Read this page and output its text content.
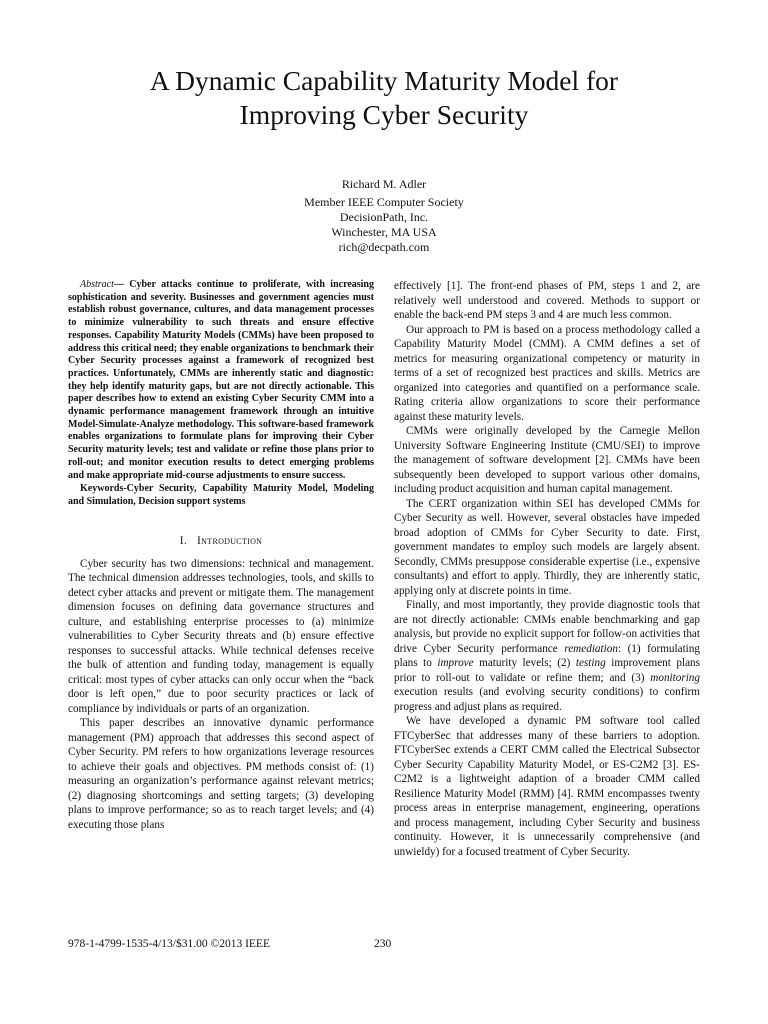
A Dynamic Capability Maturity Model for
Improving Cyber Security
Richard M. Adler
Member IEEE Computer Society
DecisionPath, Inc.
Winchester, MA USA
rich@decpath.com

Abstract— Cyber attacks continue to proliferate, with increasing sophistication and severity. Businesses and government agencies must establish robust governance, cultures, and data management processes to minimize vulnerability to such threats and ensure effective responses. Capability Maturity Models (CMMs) have been proposed to address this critical need; they enable organizations to benchmark their Cyber Security processes against a framework of recognized best practices. Unfortunately, CMMs are inherently static and diagnostic: they help identify maturity gaps, but are not directly actionable. This paper describes how to extend an existing Cyber Security CMM into a dynamic performance management framework through an intuitive Model-Simulate-Analyze methodology. This software-based framework enables organizations to formulate plans for improving their Cyber Security maturity levels; test and validate or refine those plans prior to roll-out; and monitor execution results to detect emerging problems and make appropriate mid-course adjustments to ensure success.

Keywords-Cyber Security, Capability Maturity Model, Modeling and Simulation, Decision support systems

I. Introduction

Cyber security has two dimensions: technical and management. The technical dimension addresses technologies, tools, and skills to detect cyber attacks and prevent or mitigate them. The management dimension focuses on defining data governance structures and culture, and establishing enterprise processes to (a) minimize vulnerabilities to Cyber Security threats and (b) ensure effective responses to successful attacks. While technical defenses receive the bulk of attention and funding today, management is equally critical: most types of cyber attacks can only occur when the “back door is left open,” due to poor security practices or lack of compliance by individuals or parts of an organization.

This paper describes an innovative dynamic performance management (PM) approach that addresses this second aspect of Cyber Security. PM refers to how organizations leverage resources to achieve their goals and objectives. PM methods consist of: (1) measuring an organization’s performance against relevant metrics; (2) diagnosing shortcomings and setting targets; (3) developing plans to improve performance; so as to reach target levels; and (4) executing those plans

effectively [1]. The front-end phases of PM, steps 1 and 2, are relatively well understood and covered. Methods to support or enable the back-end PM steps 3 and 4 are much less common.

Our approach to PM is based on a process methodology called a Capability Maturity Model (CMM). A CMM defines a set of metrics for measuring organizational competency or maturity in terms of a set of recognized best practices and skills. Metrics are organized into categories and quantified on a performance scale. Rating criteria allow organizations to score their performance against these maturity levels.

CMMs were originally developed by the Carnegie Mellon University Software Engineering Institute (CMU/SEI) to improve the management of software development [2]. CMMs have been subsequently been developed to support various other domains, including product acquisition and human capital management.

The CERT organization within SEI has developed CMMs for Cyber Security as well. However, several obstacles have impeded broad adoption of CMMs for Cyber Security to date. First, government mandates to employ such models are largely absent. Secondly, CMMs presuppose considerable expertise (i.e., expensive consultants) and effort to apply. Thirdly, they are inherently static, applying only at discrete points in time.

Finally, and most importantly, they provide diagnostic tools that are not directly actionable: CMMs enable benchmarking and gap analysis, but provide no explicit support for follow-on activities that drive Cyber Security performance remediation: (1) formulating plans to improve maturity levels; (2) testing improvement plans prior to roll-out to validate or refine them; and (3) monitoring execution results (and evolving security conditions) to confirm progress and adjust plans as required.

We have developed a dynamic PM software tool called FTCyberSec that addresses many of these barriers to adoption. FTCyberSec extends a CERT CMM called the Electrical Subsector Cyber Security Capability Maturity Model, or ES-C2M2 [3]. ES-C2M2 is a lightweight adaption of a broader CMM called Resilience Maturity Model (RMM) [4]. RMM encompasses twenty process areas in enterprise management, engineering, operations and process management, including Cyber Security and business continuity. However, it is unnecessarily comprehensive (and unwieldy) for a focused treatment of Cyber Security.

978-1-4799-1535-4/13/$31.00 ©2013 IEEE	230
